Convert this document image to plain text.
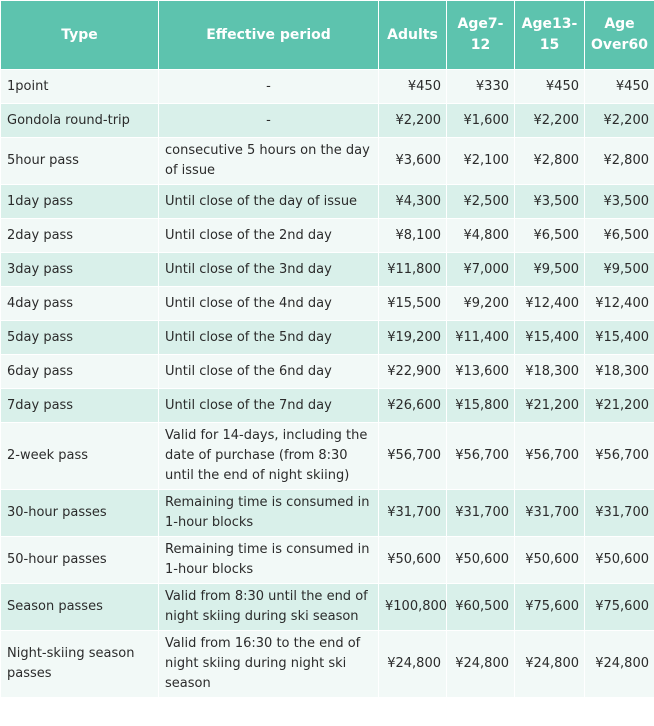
Type	Effective period	Adults	Age7-12	Age13-15	Age Over60
1point	-	¥450	¥330	¥450	¥450
Gondola round-trip	-	¥2,200	¥1,600	¥2,200	¥2,200
5hour pass	consecutive 5 hours on the day of issue	¥3,600	¥2,100	¥2,800	¥2,800
1day pass	Until close of the day of issue	¥4,300	¥2,500	¥3,500	¥3,500
2day pass	Until close of the 2nd day	¥8,100	¥4,800	¥6,500	¥6,500
3day pass	Until close of the 3nd day	¥11,800	¥7,000	¥9,500	¥9,500
4day pass	Until close of the 4nd day	¥15,500	¥9,200	¥12,400	¥12,400
5day pass	Until close of the 5nd day	¥19,200	¥11,400	¥15,400	¥15,400
6day pass	Until close of the 6nd day	¥22,900	¥13,600	¥18,300	¥18,300
7day pass	Until close of the 7nd day	¥26,600	¥15,800	¥21,200	¥21,200
2-week pass	Valid for 14-days, including the date of purchase (from 8:30 until the end of night skiing)	¥56,700	¥56,700	¥56,700	¥56,700
30-hour passes	Remaining time is consumed in 1-hour blocks	¥31,700	¥31,700	¥31,700	¥31,700
50-hour passes	Remaining time is consumed in 1-hour blocks	¥50,600	¥50,600	¥50,600	¥50,600
Season passes	Valid from 8:30 until the end of night skiing during ski season	¥100,800	¥60,500	¥75,600	¥75,600
Night-skiing season passes	Valid from 16:30 to the end of night skiing during night ski season	¥24,800	¥24,800	¥24,800	¥24,800
